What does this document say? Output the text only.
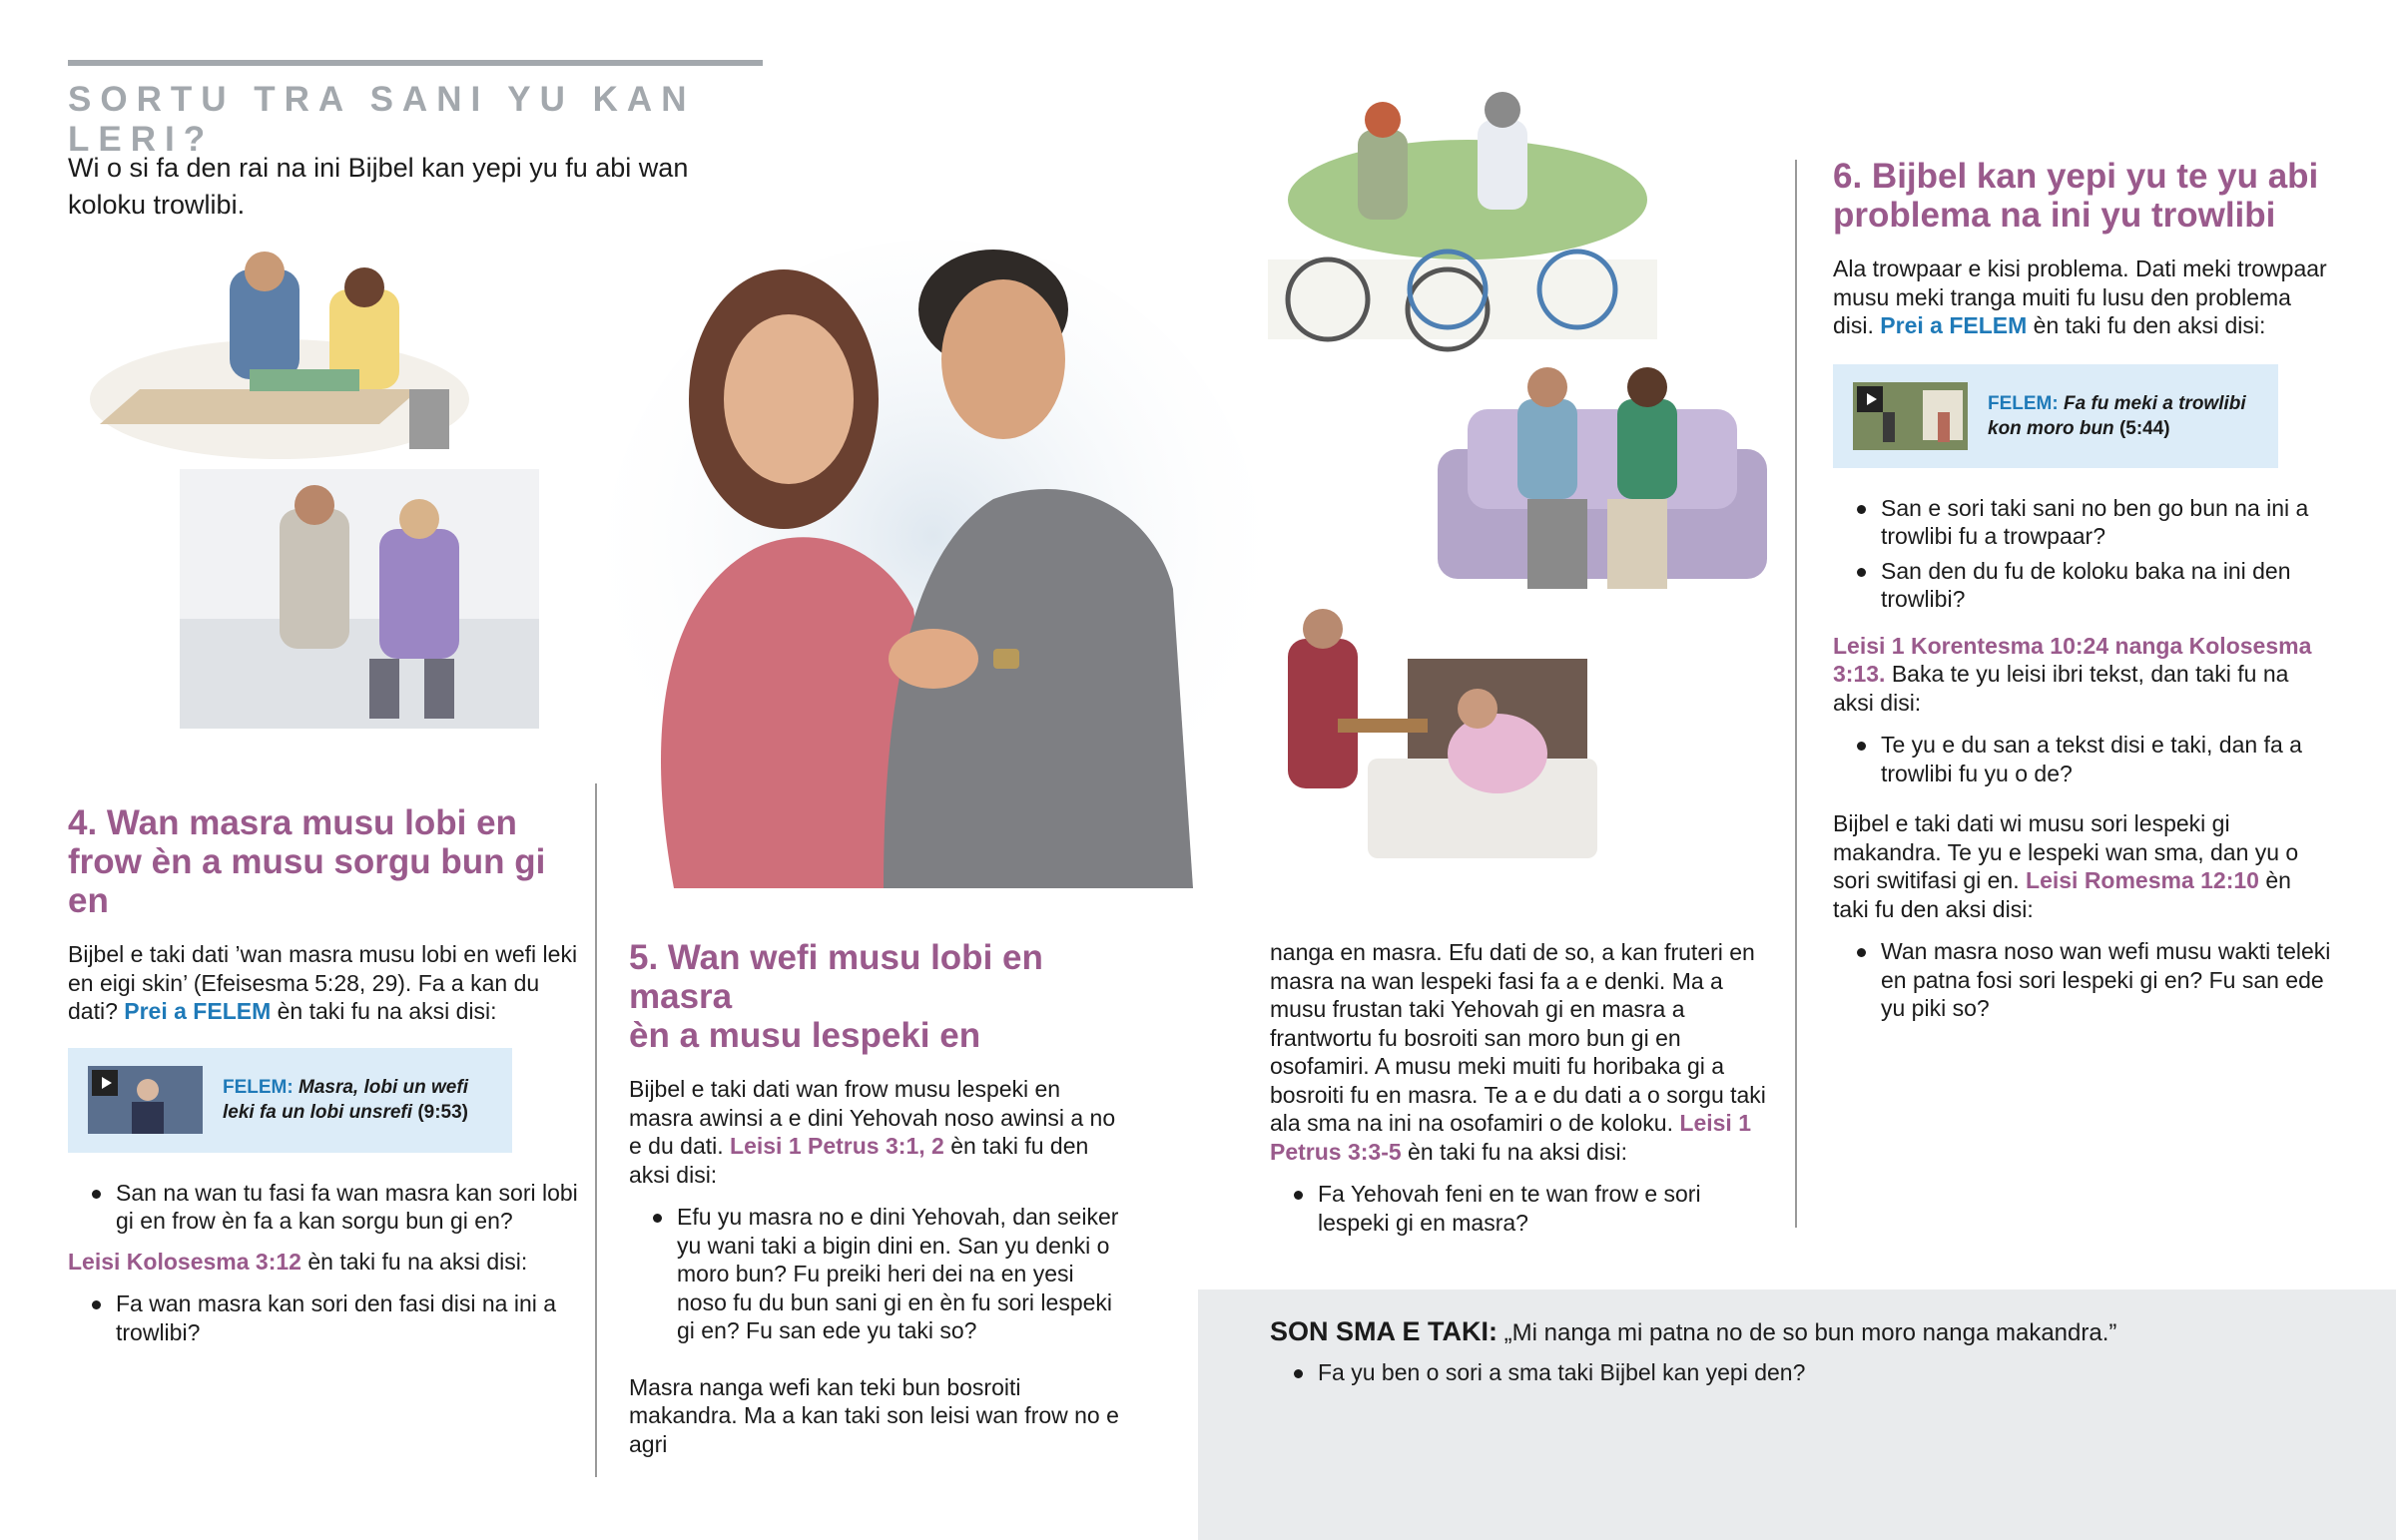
SORTU TRA SANI YU KAN LERI?

Wi o si fa den rai na ini Bijbel kan yepi yu fu abi wan koloku trowlibi.

4. Wan masra musu lobi en
frow èn a musu sorgu bun gi en

Bijbel e taki dati ’wan masra musu lobi en wefi leki en eigi skin’ (Efeisesma 5:28, 29). Fa a kan du dati? Prei a FELEM èn taki fu na aksi disi:

FELEM: Masra, lobi un wefi leki fa un lobi unsrefi (9:53)
San na wan tu fasi fa wan masra kan sori lobi gi en frow èn fa a kan sorgu bun gi en?

Leisi Kolosesma 3:12 èn taki fu na aksi disi:

Fa wan masra kan sori den fasi disi na ini a trowlibi?
5. Wan wefi musu lobi en masra
èn a musu lespeki en

Bijbel e taki dati wan frow musu lespeki en masra awinsi a e dini Yehovah noso awinsi a no e du dati. Leisi 1 Petrus 3:1, 2 èn taki fu den aksi disi:

Efu yu masra no e dini Yehovah, dan seiker yu wani taki a bigin dini en. San yu denki o moro bun? Fu preiki heri dei na en yesi noso fu du bun sani gi en èn fu sori lespeki gi en? Fu san ede yu taki so?

Masra nanga wefi kan teki bun bosroiti makandra. Ma a kan taki son leisi wan frow no e agri

nanga en masra. Efu dati de so, a kan fruteri en masra na wan lespeki fasi fa a e denki. Ma a musu frustan taki Yehovah gi en masra a frantwortu fu bosroiti san moro bun gi en osofamiri. A musu meki muiti fu horibaka gi a bosroiti fu en masra. Te a e du dati a o sorgu taki ala sma na ini na osofamiri o de koloku. Leisi 1 Petrus 3:3-5 èn taki fu na aksi disi:

Fa Yehovah feni en te wan frow e sori lespeki gi en masra?
6. Bijbel kan yepi yu te yu abi
problema na ini yu trowlibi

Ala trowpaar e kisi problema. Dati meki trowpaar musu meki tranga muiti fu lusu den problema disi. Prei a FELEM èn taki fu den aksi disi:

FELEM: Fa fu meki a trowlibi kon moro bun (5:44)
San e sori taki sani no ben go bun na ini a trowlibi fu a trowpaar?
San den du fu de koloku baka na ini den trowlibi?

Leisi 1 Korentesma 10:24 nanga Kolosesma 3:13. Baka te yu leisi ibri tekst, dan taki fu na aksi disi:

Te yu e du san a tekst disi e taki, dan fa a trowlibi fu yu o de?

Bijbel e taki dati wi musu sori lespeki gi makandra. Te yu e lespeki wan sma, dan yu o sori switifasi gi en. Leisi Romesma 12:10 èn taki fu den aksi disi:

Wan masra noso wan wefi musu wakti teleki en patna fosi sori lespeki gi en? Fu san ede yu piki so?

SON SMA E TAKI: „Mi nanga mi patna no de so bun moro nanga makandra.”

Fa yu ben o sori a sma taki Bijbel kan yepi den?
